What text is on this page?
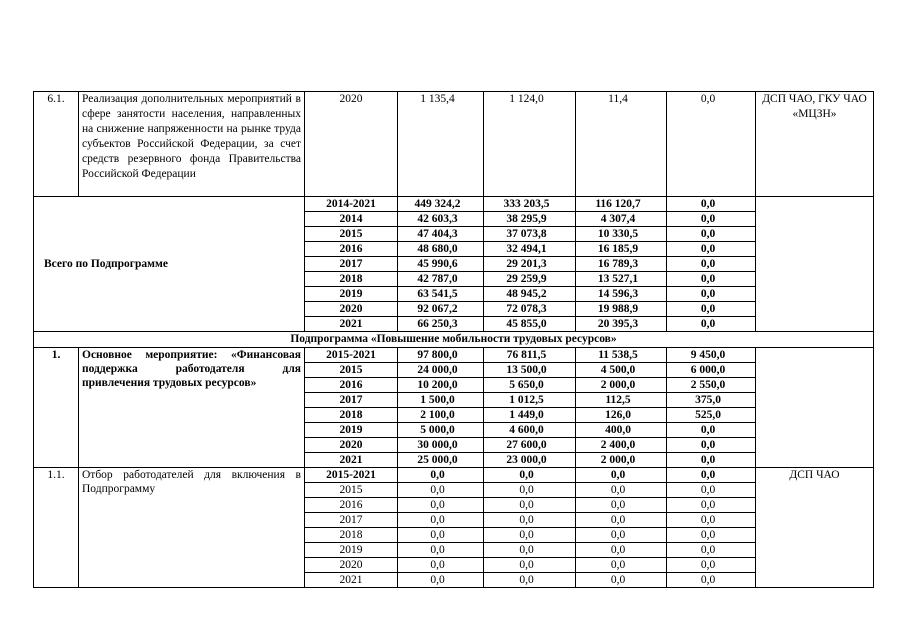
6.1.	Реализация дополнительных мероприятий в сфере занятости населения, направленных на снижение напряженности на рынке труда субъектов Российской Федерации, за счет средств резервного фонда Правительства Российской Федерации	2020	1 135,4	1 124,0	11,4	0,0	ДСП ЧАО, ГКУ ЧАО «МЦЗН»
Всего по Подпрограмме		2014-2021	449 324,2	333 203,5	116 120,7	0,0	
		2014	42 603,3	38 295,9	4 307,4	0,0	
		2015	47 404,3	37 073,8	10 330,5	0,0	
		2016	48 680,0	32 494,1	16 185,9	0,0	
		2017	45 990,6	29 201,3	16 789,3	0,0	
		2018	42 787,0	29 259,9	13 527,1	0,0	
		2019	63 541,5	48 945,2	14 596,3	0,0	
		2020	92 067,2	72 078,3	19 988,9	0,0	
		2021	66 250,3	45 855,0	20 395,3	0,0	
Подпрограмма «Повышение мобильности трудовых ресурсов»							
1.	Основное мероприятие: «Финансовая поддержка работодателя для привлечения трудовых ресурсов»	2015-2021	97 800,0	76 811,5	11 538,5	9 450,0	
		2015	24 000,0	13 500,0	4 500,0	6 000,0	
		2016	10 200,0	5 650,0	2 000,0	2 550,0	
		2017	1 500,0	1 012,5	112,5	375,0	
		2018	2 100,0	1 449,0	126,0	525,0	
		2019	5 000,0	4 600,0	400,0	0,0	
		2020	30 000,0	27 600,0	2 400,0	0,0	
		2021	25 000,0	23 000,0	2 000,0	0,0	
1.1.	Отбор работодателей для включения в Подпрограмму	2015-2021	0,0	0,0	0,0	0,0	ДСП ЧАО
		2015	0,0	0,0	0,0	0,0	
		2016	0,0	0,0	0,0	0,0	
		2017	0,0	0,0	0,0	0,0	
		2018	0,0	0,0	0,0	0,0	
		2019	0,0	0,0	0,0	0,0	
		2020	0,0	0,0	0,0	0,0	
		2021	0,0	0,0	0,0	0,0	
